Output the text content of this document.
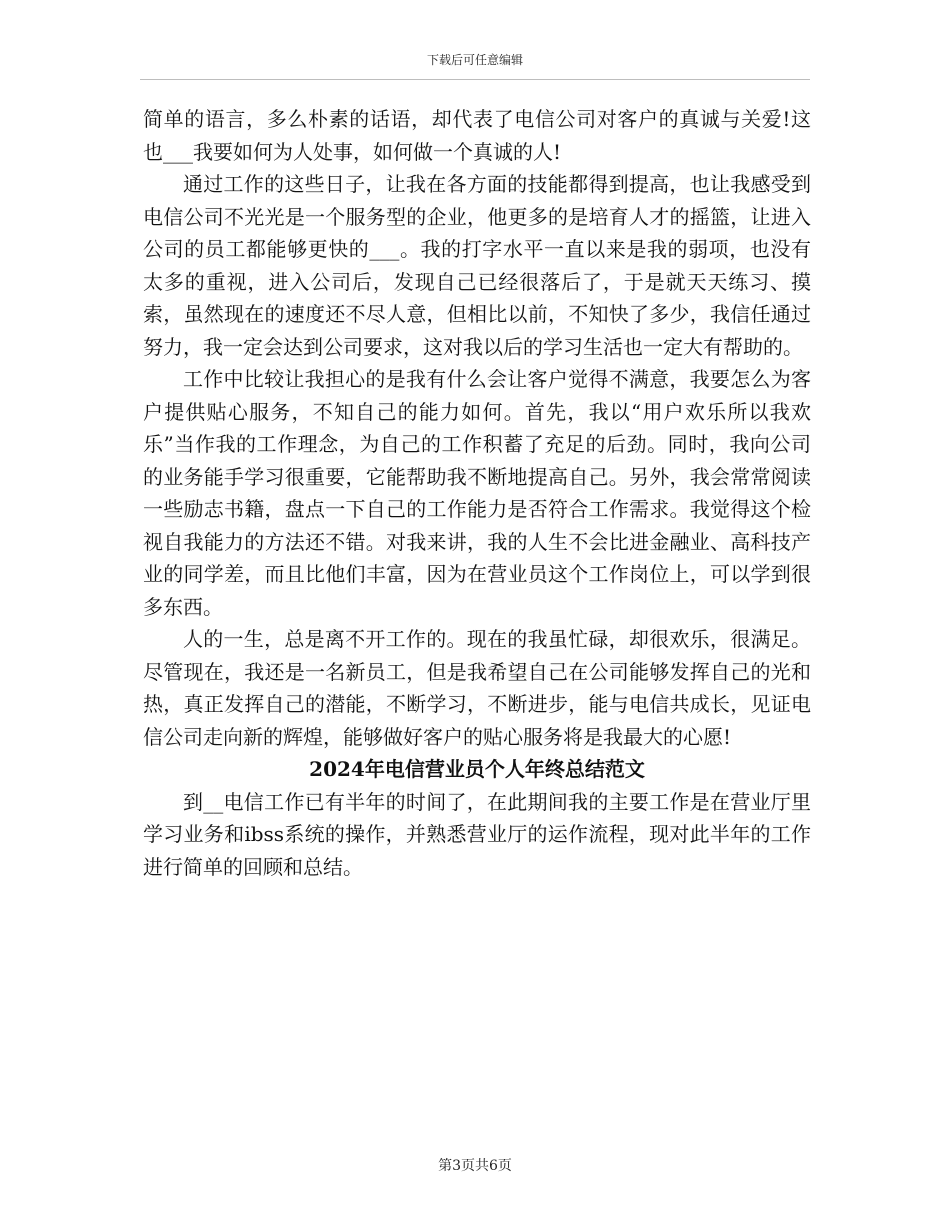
下载后可任意编辑

简单的语言，多么朴素的话语，却代表了电信公司对客户的真诚与关爱!这也___我要如何为人处事，如何做一个真诚的人!

通过工作的这些日子，让我在各方面的技能都得到提高，也让我感受到电信公司不光光是一个服务型的企业，他更多的是培育人才的摇篮，让进入公司的员工都能够更快的___。我的打字水平一直以来是我的弱项，也没有太多的重视，进入公司后，发现自己已经很落后了，于是就天天练习、摸索，虽然现在的速度还不尽人意，但相比以前，不知快了多少，我信任通过努力，我一定会达到公司要求，这对我以后的学习生活也一定大有帮助的。

工作中比较让我担心的是我有什么会让客户觉得不满意，我要怎么为客户提供贴心服务，不知自己的能力如何。首先，我以“用户欢乐所以我欢乐”当作我的工作理念，为自己的工作积蓄了充足的后劲。同时，我向公司的业务能手学习很重要，它能帮助我不断地提高自己。另外，我会常常阅读一些励志书籍，盘点一下自己的工作能力是否符合工作需求。我觉得这个检视自我能力的方法还不错。对我来讲，我的人生不会比进金融业、高科技产业的同学差，而且比他们丰富，因为在营业员这个工作岗位上，可以学到很多东西。

人的一生，总是离不开工作的。现在的我虽忙碌，却很欢乐，很满足。尽管现在，我还是一名新员工，但是我希望自己在公司能够发挥自己的光和热，真正发挥自己的潜能，不断学习，不断进步，能与电信共成长，见证电信公司走向新的辉煌，能够做好客户的贴心服务将是我最大的心愿!

2024年电信营业员个人年终总结范文

到__电信工作已有半年的时间了，在此期间我的主要工作是在营业厅里学习业务和ibss系统的操作，并熟悉营业厅的运作流程，现对此半年的工作进行简单的回顾和总结。

第3页共6页
